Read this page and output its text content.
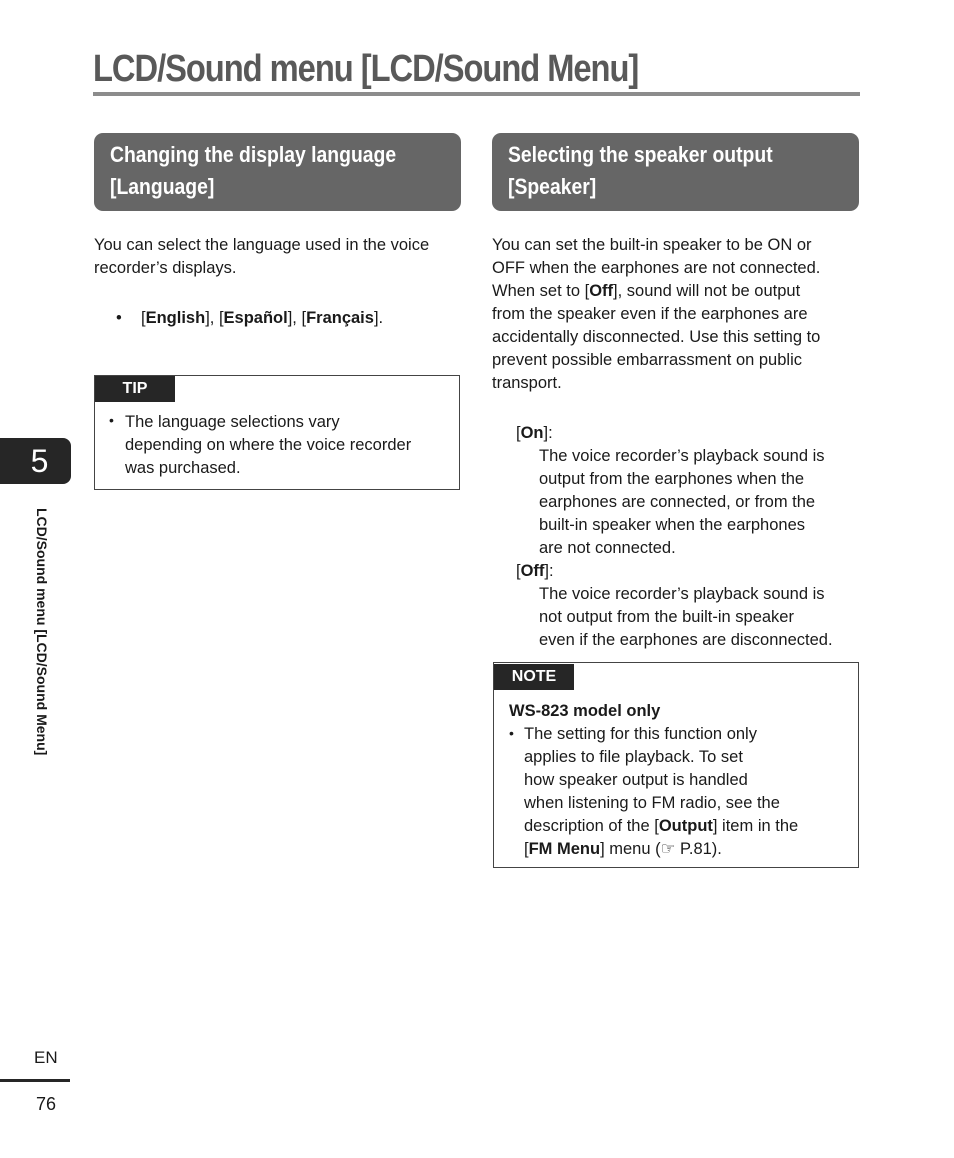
LCD/Sound menu [LCD/Sound Menu]
Changing the display language
[Language]
You can select the language used in the voice
recorder’s displays.
• [English], [Español], [Français].
TIP
• The language selections vary
depending on where the voice recorder
was purchased.
Selecting the speaker output
[Speaker]
You can set the built-in speaker to be ON or
OFF when the earphones are not connected.
When set to [Off], sound will not be output
from the speaker even if the earphones are
accidentally disconnected. Use this setting to
prevent possible embarrassment on public
transport.
[On]:
The voice recorder’s playback sound is
output from the earphones when the
earphones are connected, or from the
built-in speaker when the earphones
are not connected.
[Off]:
The voice recorder’s playback sound is
not output from the built-in speaker
even if the earphones are disconnected.
NOTE
WS-823 model only
• The setting for this function only
applies to file playback. To set
how speaker output is handled
when listening to FM radio, see the
description of the [Output] item in the
[FM Menu] menu (☞ P.81).
5
LCD/Sound menu [LCD/Sound Menu]
EN
76
